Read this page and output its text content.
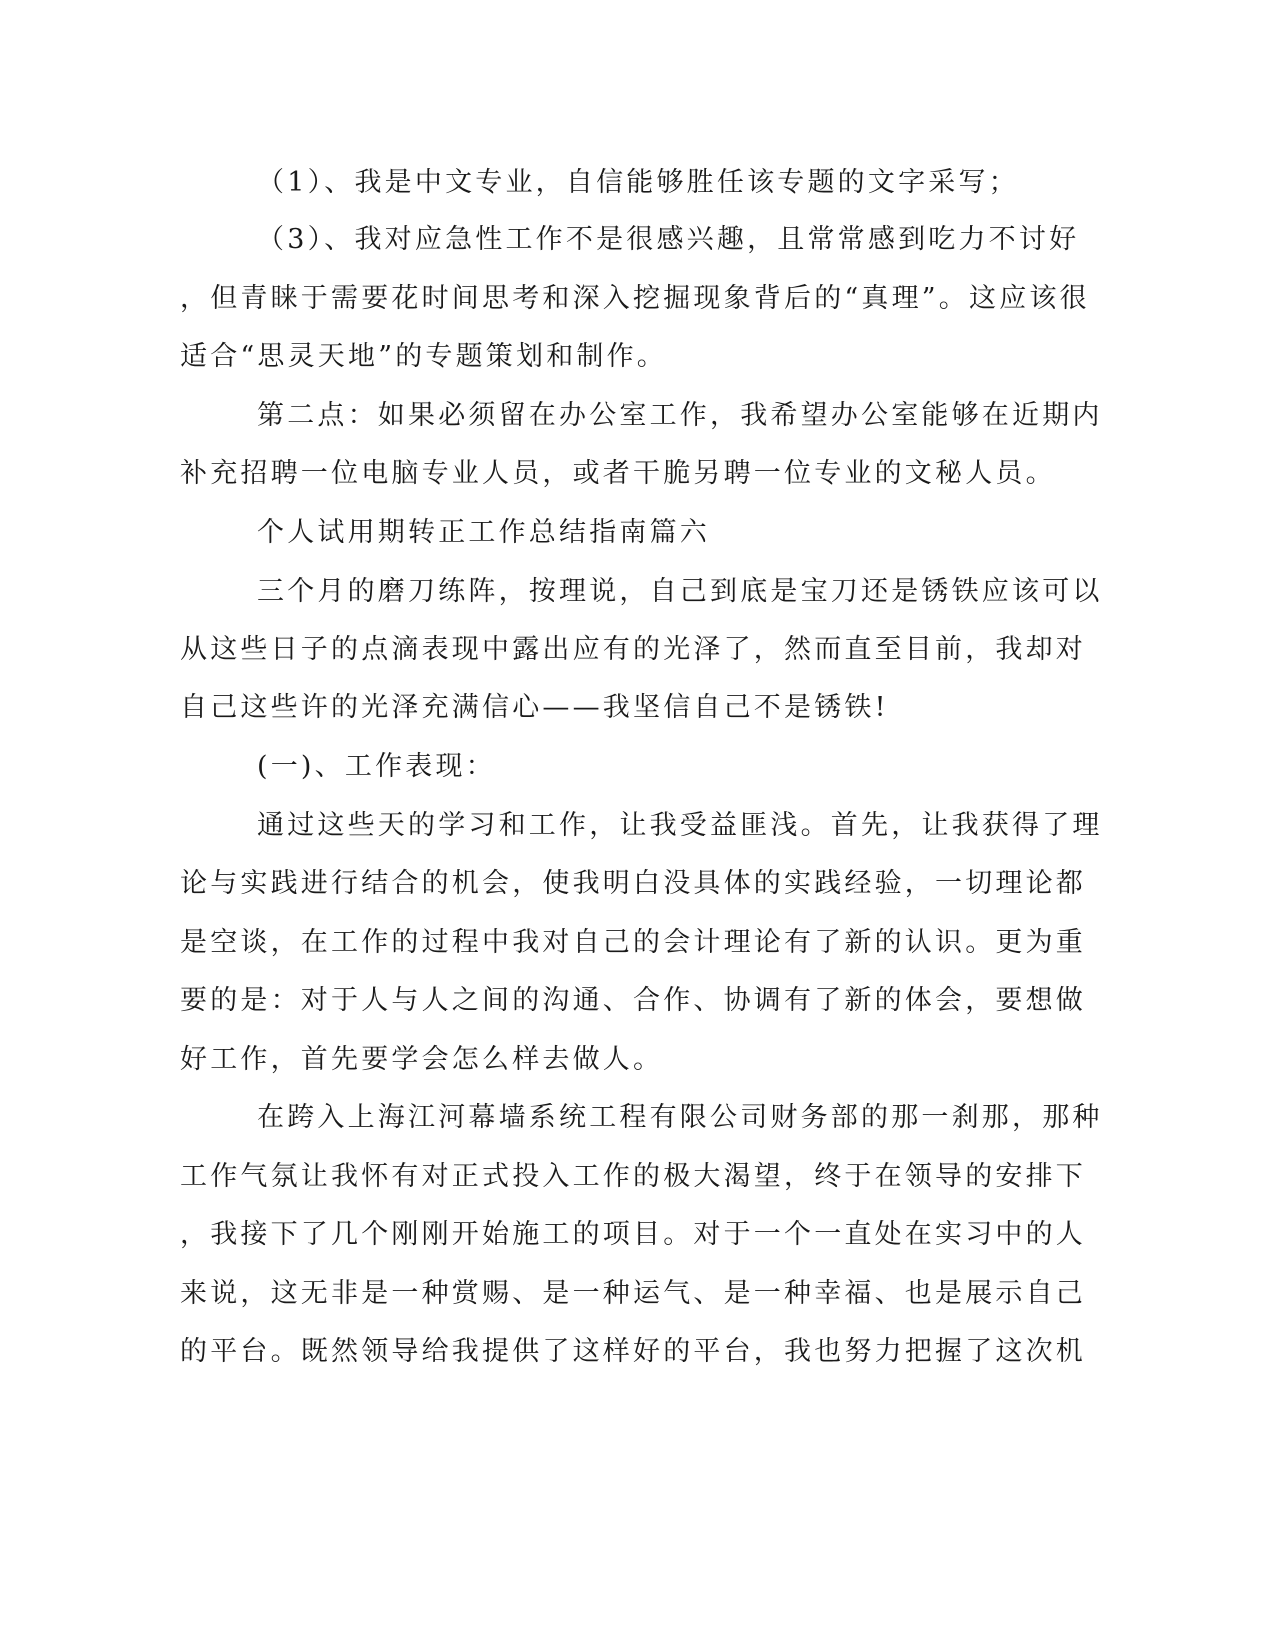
（1）、我是中文专业，自信能够胜任该专题的文字采写；
（3）、我对应急性工作不是很感兴趣，且常常感到吃力不讨好
，但青睐于需要花时间思考和深入挖掘现象背后的“真理”。这应该很
适合“思灵天地”的专题策划和制作。
第二点：如果必须留在办公室工作，我希望办公室能够在近期内
补充招聘一位电脑专业人员，或者干脆另聘一位专业的文秘人员。
个人试用期转正工作总结指南篇六
三个月的磨刀练阵，按理说，自己到底是宝刀还是锈铁应该可以
从这些日子的点滴表现中露出应有的光泽了，然而直至目前，我却对
自己这些许的光泽充满信心——我坚信自己不是锈铁!
(一)、工作表现：
通过这些天的学习和工作，让我受益匪浅。首先，让我获得了理
论与实践进行结合的机会，使我明白没具体的实践经验，一切理论都
是空谈，在工作的过程中我对自己的会计理论有了新的认识。更为重
要的是：对于人与人之间的沟通、合作、协调有了新的体会，要想做
好工作，首先要学会怎么样去做人。
在跨入上海江河幕墙系统工程有限公司财务部的那一刹那，那种
工作气氛让我怀有对正式投入工作的极大渴望，终于在领导的安排下
，我接下了几个刚刚开始施工的项目。对于一个一直处在实习中的人
来说，这无非是一种赏赐、是一种运气、是一种幸福、也是展示自己
的平台。既然领导给我提供了这样好的平台，我也努力把握了这次机
